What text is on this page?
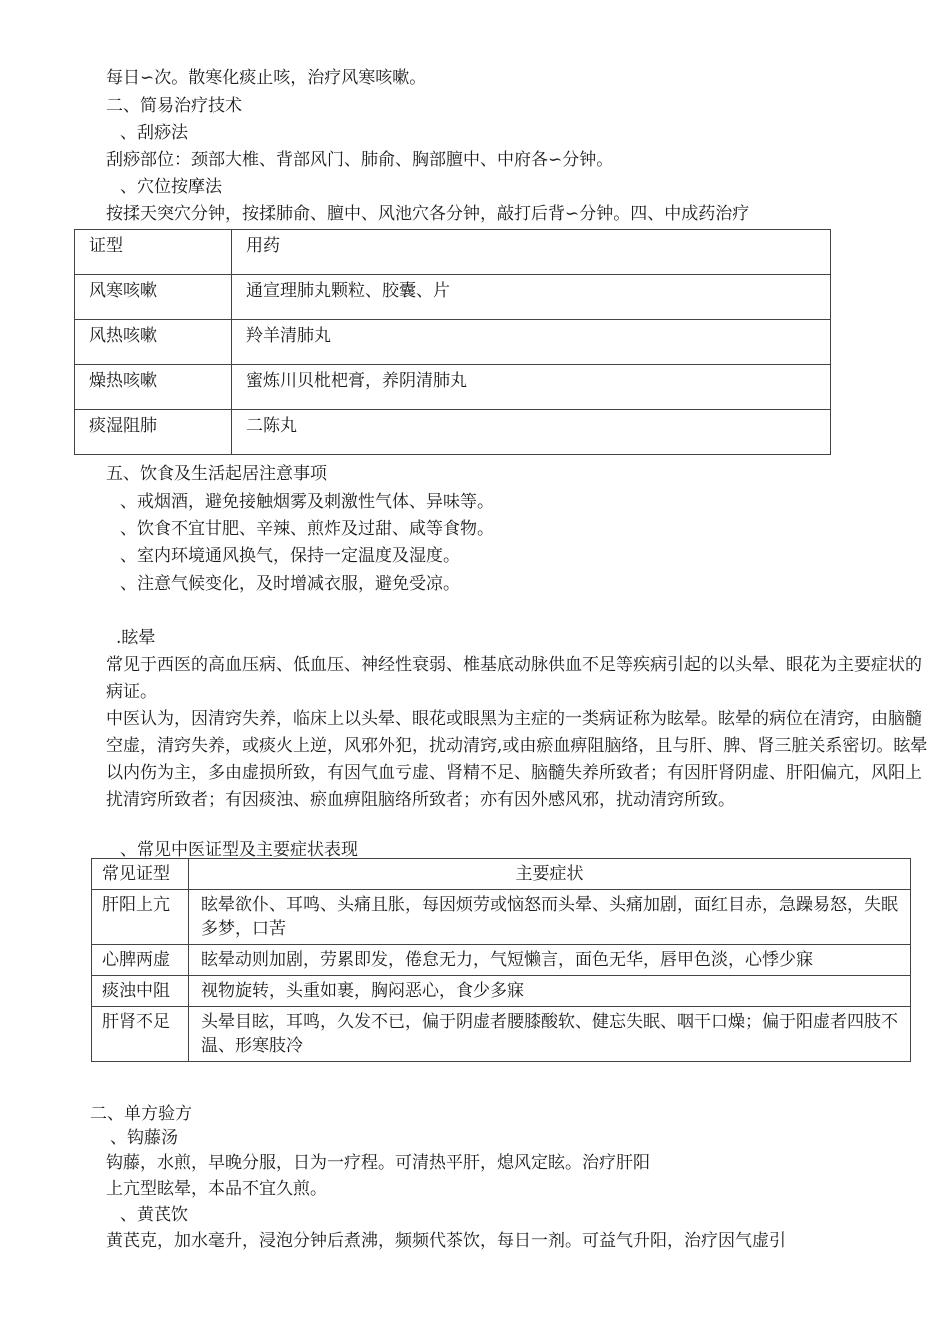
每日∽次。散寒化痰止咳，治疗风寒咳嗽。
二、简易治疗技术
、刮痧法
刮痧部位：颈部大椎、背部风门、肺俞、胸部膻中、中府各∽分钟。
、穴位按摩法
按揉天突穴分钟，按揉肺俞、膻中、风池穴各分钟，敲打后背∽分钟。四、中成药治疗
证型	用药
风寒咳嗽	通宣理肺丸颗粒、胶囊、片
风热咳嗽	羚羊清肺丸
燥热咳嗽	蜜炼川贝枇杷膏，养阴清肺丸
痰湿阻肺	二陈丸
五、饮食及生活起居注意事项
、戒烟酒，避免接触烟雾及刺激性气体、异味等。
、饮食不宜甘肥、辛辣、煎炸及过甜、咸等食物。
、室内环境通风换气，保持一定温度及湿度。
、注意气候变化，及时增减衣服，避免受凉。
.眩晕
常见于西医的高血压病、低血压、神经性衰弱、椎基底动脉供血不足等疾病引起的以头晕、眼花为主要症状的病证。
中医认为，因清窍失养，临床上以头晕、眼花或眼黑为主症的一类病证称为眩晕。眩晕的病位在清窍，由脑髓空虚，清窍失养，或痰火上逆，风邪外犯，扰动清窍,或由瘀血痹阻脑络，且与肝、脾、肾三脏关系密切。眩晕以内伤为主，多由虚损所致，有因气血亏虚、肾精不足、脑髓失养所致者；有因肝肾阴虚、肝阳偏亢，风阳上扰清窍所致者；有因痰浊、瘀血痹阻脑络所致者；亦有因外感风邪，扰动清窍所致。
、常见中医证型及主要症状表现
常见证型	主要症状
肝阳上亢	眩晕欲仆、耳鸣、头痛且胀，每因烦劳或恼怒而头晕、头痛加剧，面红目赤，急躁易怒，失眠多梦，口苦
心脾两虚	眩晕动则加剧，劳累即发，倦怠无力，气短懒言，面色无华，唇甲色淡，心悸少寐
痰浊中阻	视物旋转，头重如裹，胸闷恶心，食少多寐
肝肾不足	头晕目眩，耳鸣，久发不已，偏于阴虚者腰膝酸软、健忘失眠、咽干口燥；偏于阳虚者四肢不温、形寒肢冷
二、单方验方
、钩藤汤
钩藤，水煎，早晚分服，日为一疗程。可清热平肝，熄风定眩。治疗肝阳
上亢型眩晕，本品不宜久煎。
、黄芪饮
黄芪克，加水毫升，浸泡分钟后煮沸，频频代茶饮，每日一剂。可益气升阳，治疗因气虚引
